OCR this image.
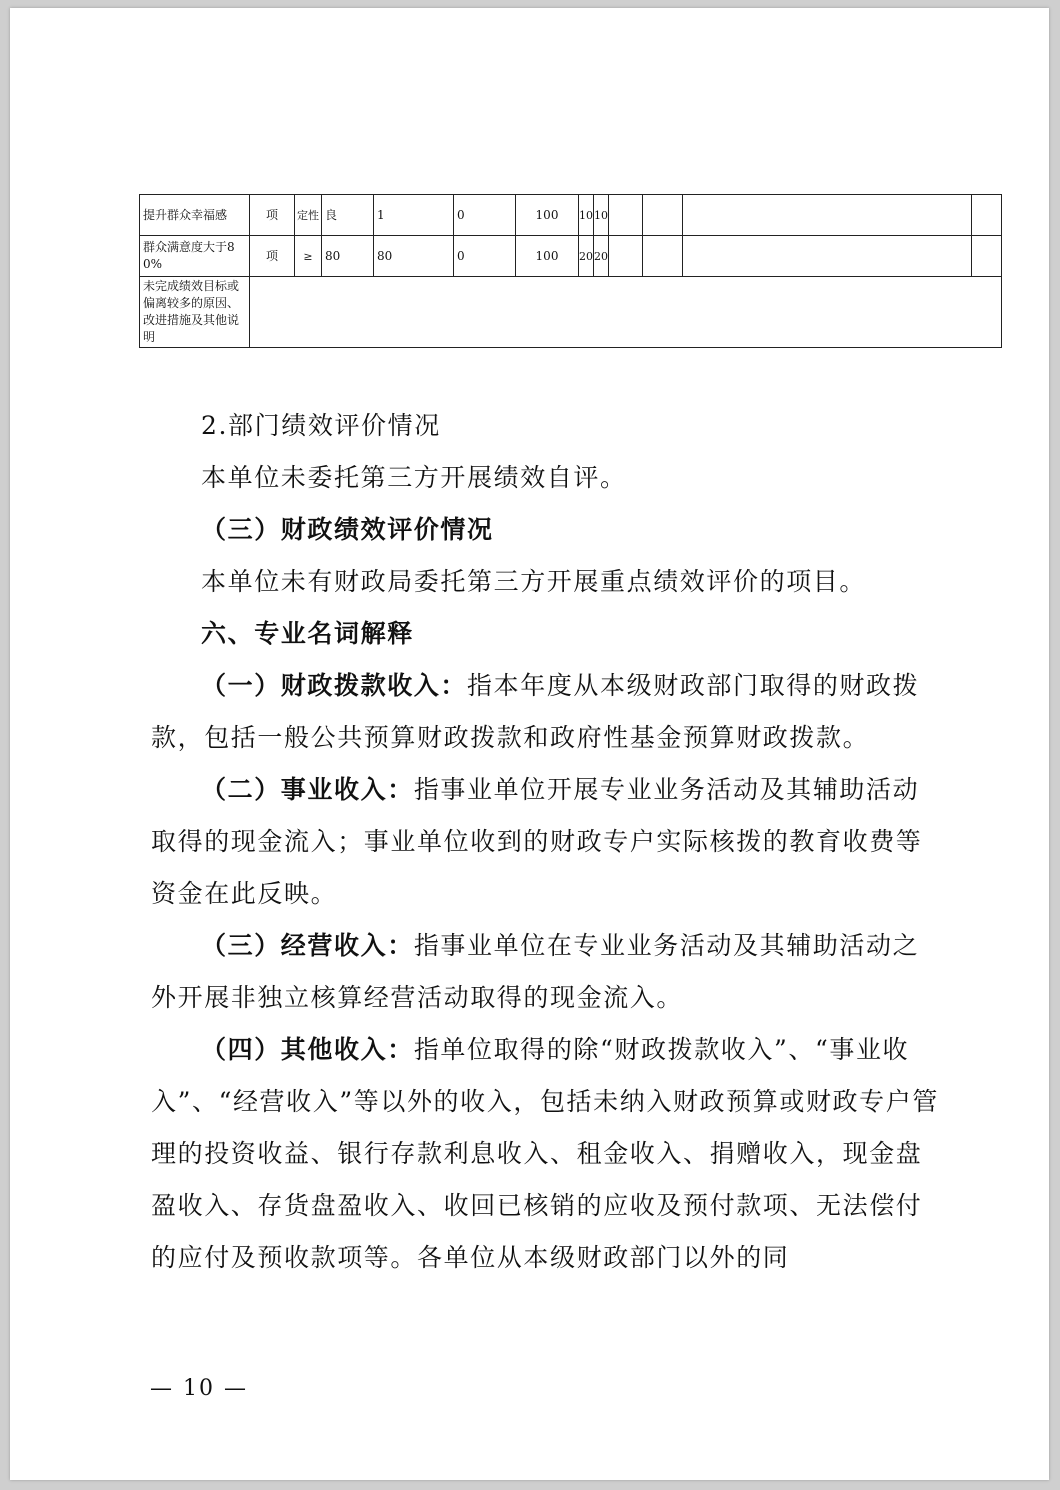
提升群众幸福感	项	定性	良	1	0	100	10	10				
群众满意度大于80%	项	≥	80	80	0	100	20	20				
未完成绩效目标或偏离较多的原因、改进措施及其他说明												

2.部门绩效评价情况

本单位未委托第三方开展绩效自评。

（三）财政绩效评价情况

本单位未有财政局委托第三方开展重点绩效评价的项目。

六、专业名词解释

（一）财政拨款收入：指本年度从本级财政部门取得的财政拨款，包括一般公共预算财政拨款和政府性基金预算财政拨款。

（二）事业收入：指事业单位开展专业业务活动及其辅助活动取得的现金流入；事业单位收到的财政专户实际核拨的教育收费等资金在此反映。

（三）经营收入：指事业单位在专业业务活动及其辅助活动之外开展非独立核算经营活动取得的现金流入。

（四）其他收入：指单位取得的除“财政拨款收入”、“事业收入”、“经营收入”等以外的收入，包括未纳入财政预算或财政专户管理的投资收益、银行存款利息收入、租金收入、捐赠收入，现金盘盈收入、存货盘盈收入、收回已核销的应收及预付款项、无法偿付的应付及预收款项等。各单位从本级财政部门以外的同

— 10 —
